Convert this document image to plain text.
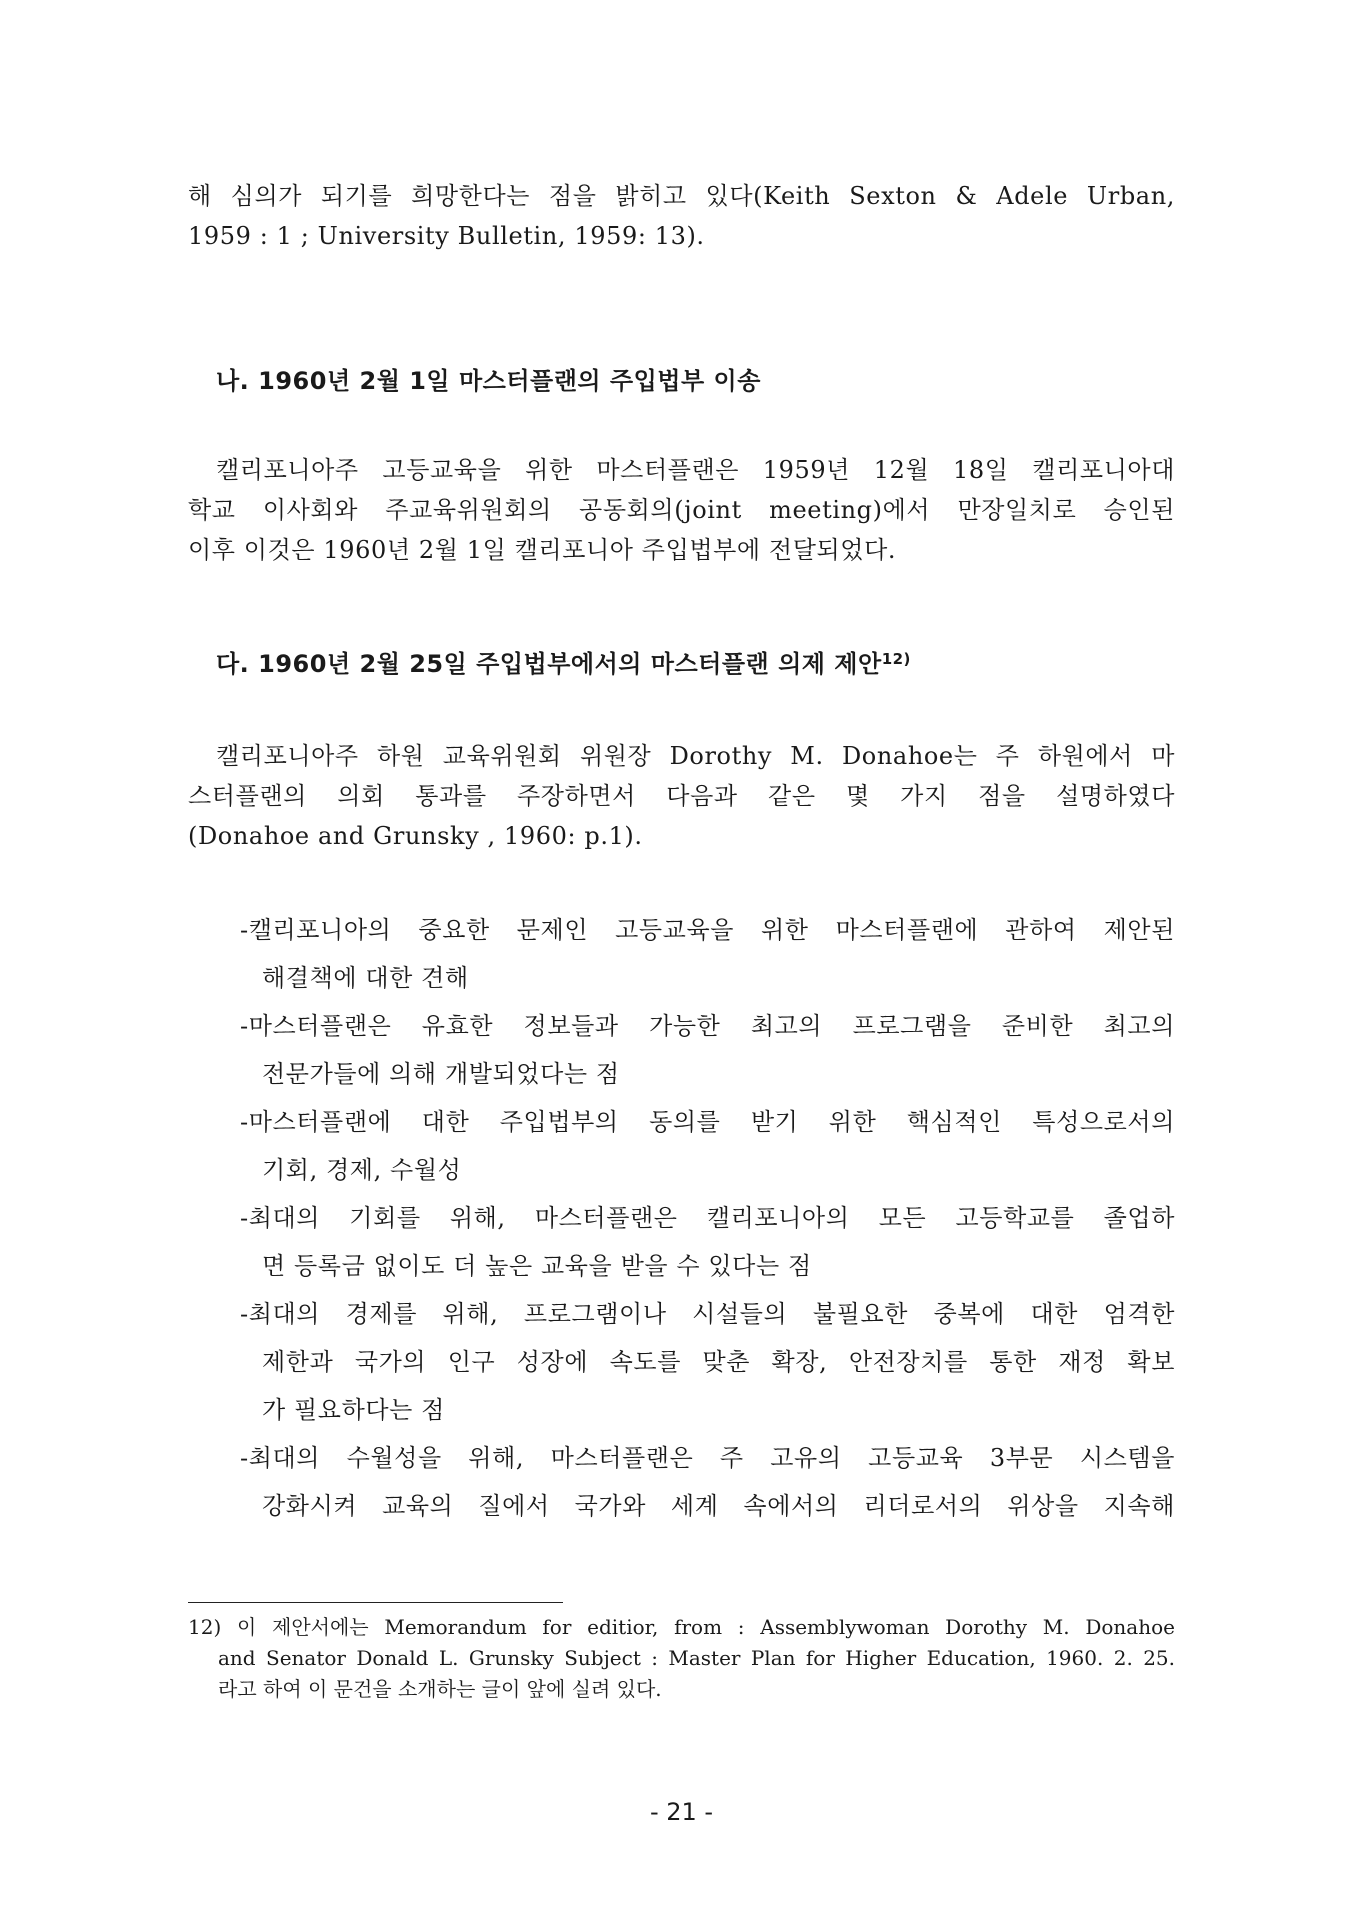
해 심의가 되기를 희망한다는 점을 밝히고 있다(Keith Sexton & Adele Urban,
1959 : 1 ; University Bulletin, 1959: 13).
나. 1960년 2월 1일 마스터플랜의 주입법부 이송
캘리포니아주 고등교육을 위한 마스터플랜은 1959년 12월 18일 캘리포니아대
학교 이사회와 주교육위원회의 공동회의(joint meeting)에서 만장일치로 승인된
이후 이것은 1960년 2월 1일 캘리포니아 주입법부에 전달되었다.
다. 1960년 2월 25일 주입법부에서의 마스터플랜 의제 제안$^{12)}$
캘리포니아주 하원 교육위원회 위원장 Dorothy M. Donahoe는 주 하원에서 마
스터플랜의 의회 통과를 주장하면서 다음과 같은 몇 가지 점을 설명하였다
(Donahoe and Grunsky , 1960: p.1).
-캘리포니아의 중요한 문제인 고등교육을 위한 마스터플랜에 관하여 제안된
해결책에 대한 견해
-마스터플랜은 유효한 정보들과 가능한 최고의 프로그램을 준비한 최고의
전문가들에 의해 개발되었다는 점
-마스터플랜에 대한 주입법부의 동의를 받기 위한 핵심적인 특성으로서의
기회, 경제, 수월성
-최대의 기회를 위해, 마스터플랜은 캘리포니아의 모든 고등학교를 졸업하
면 등록금 없이도 더 높은 교육을 받을 수 있다는 점
-최대의 경제를 위해, 프로그램이나 시설들의 불필요한 중복에 대한 엄격한
제한과 국가의 인구 성장에 속도를 맞춘 확장, 안전장치를 통한 재정 확보
가 필요하다는 점
-최대의 수월성을 위해, 마스터플랜은 주 고유의 고등교육 3부문 시스템을
강화시켜 교육의 질에서 국가와 세계 속에서의 리더로서의 위상을 지속해
12) 이 제안서에는 Memorandum for editior, from : Assemblywoman Dorothy M. Donahoe
and Senator Donald L. Grunsky Subject : Master Plan for Higher Education, 1960. 2. 25.
라고 하여 이 문건을 소개하는 글이 앞에 실려 있다.
- 21 -
